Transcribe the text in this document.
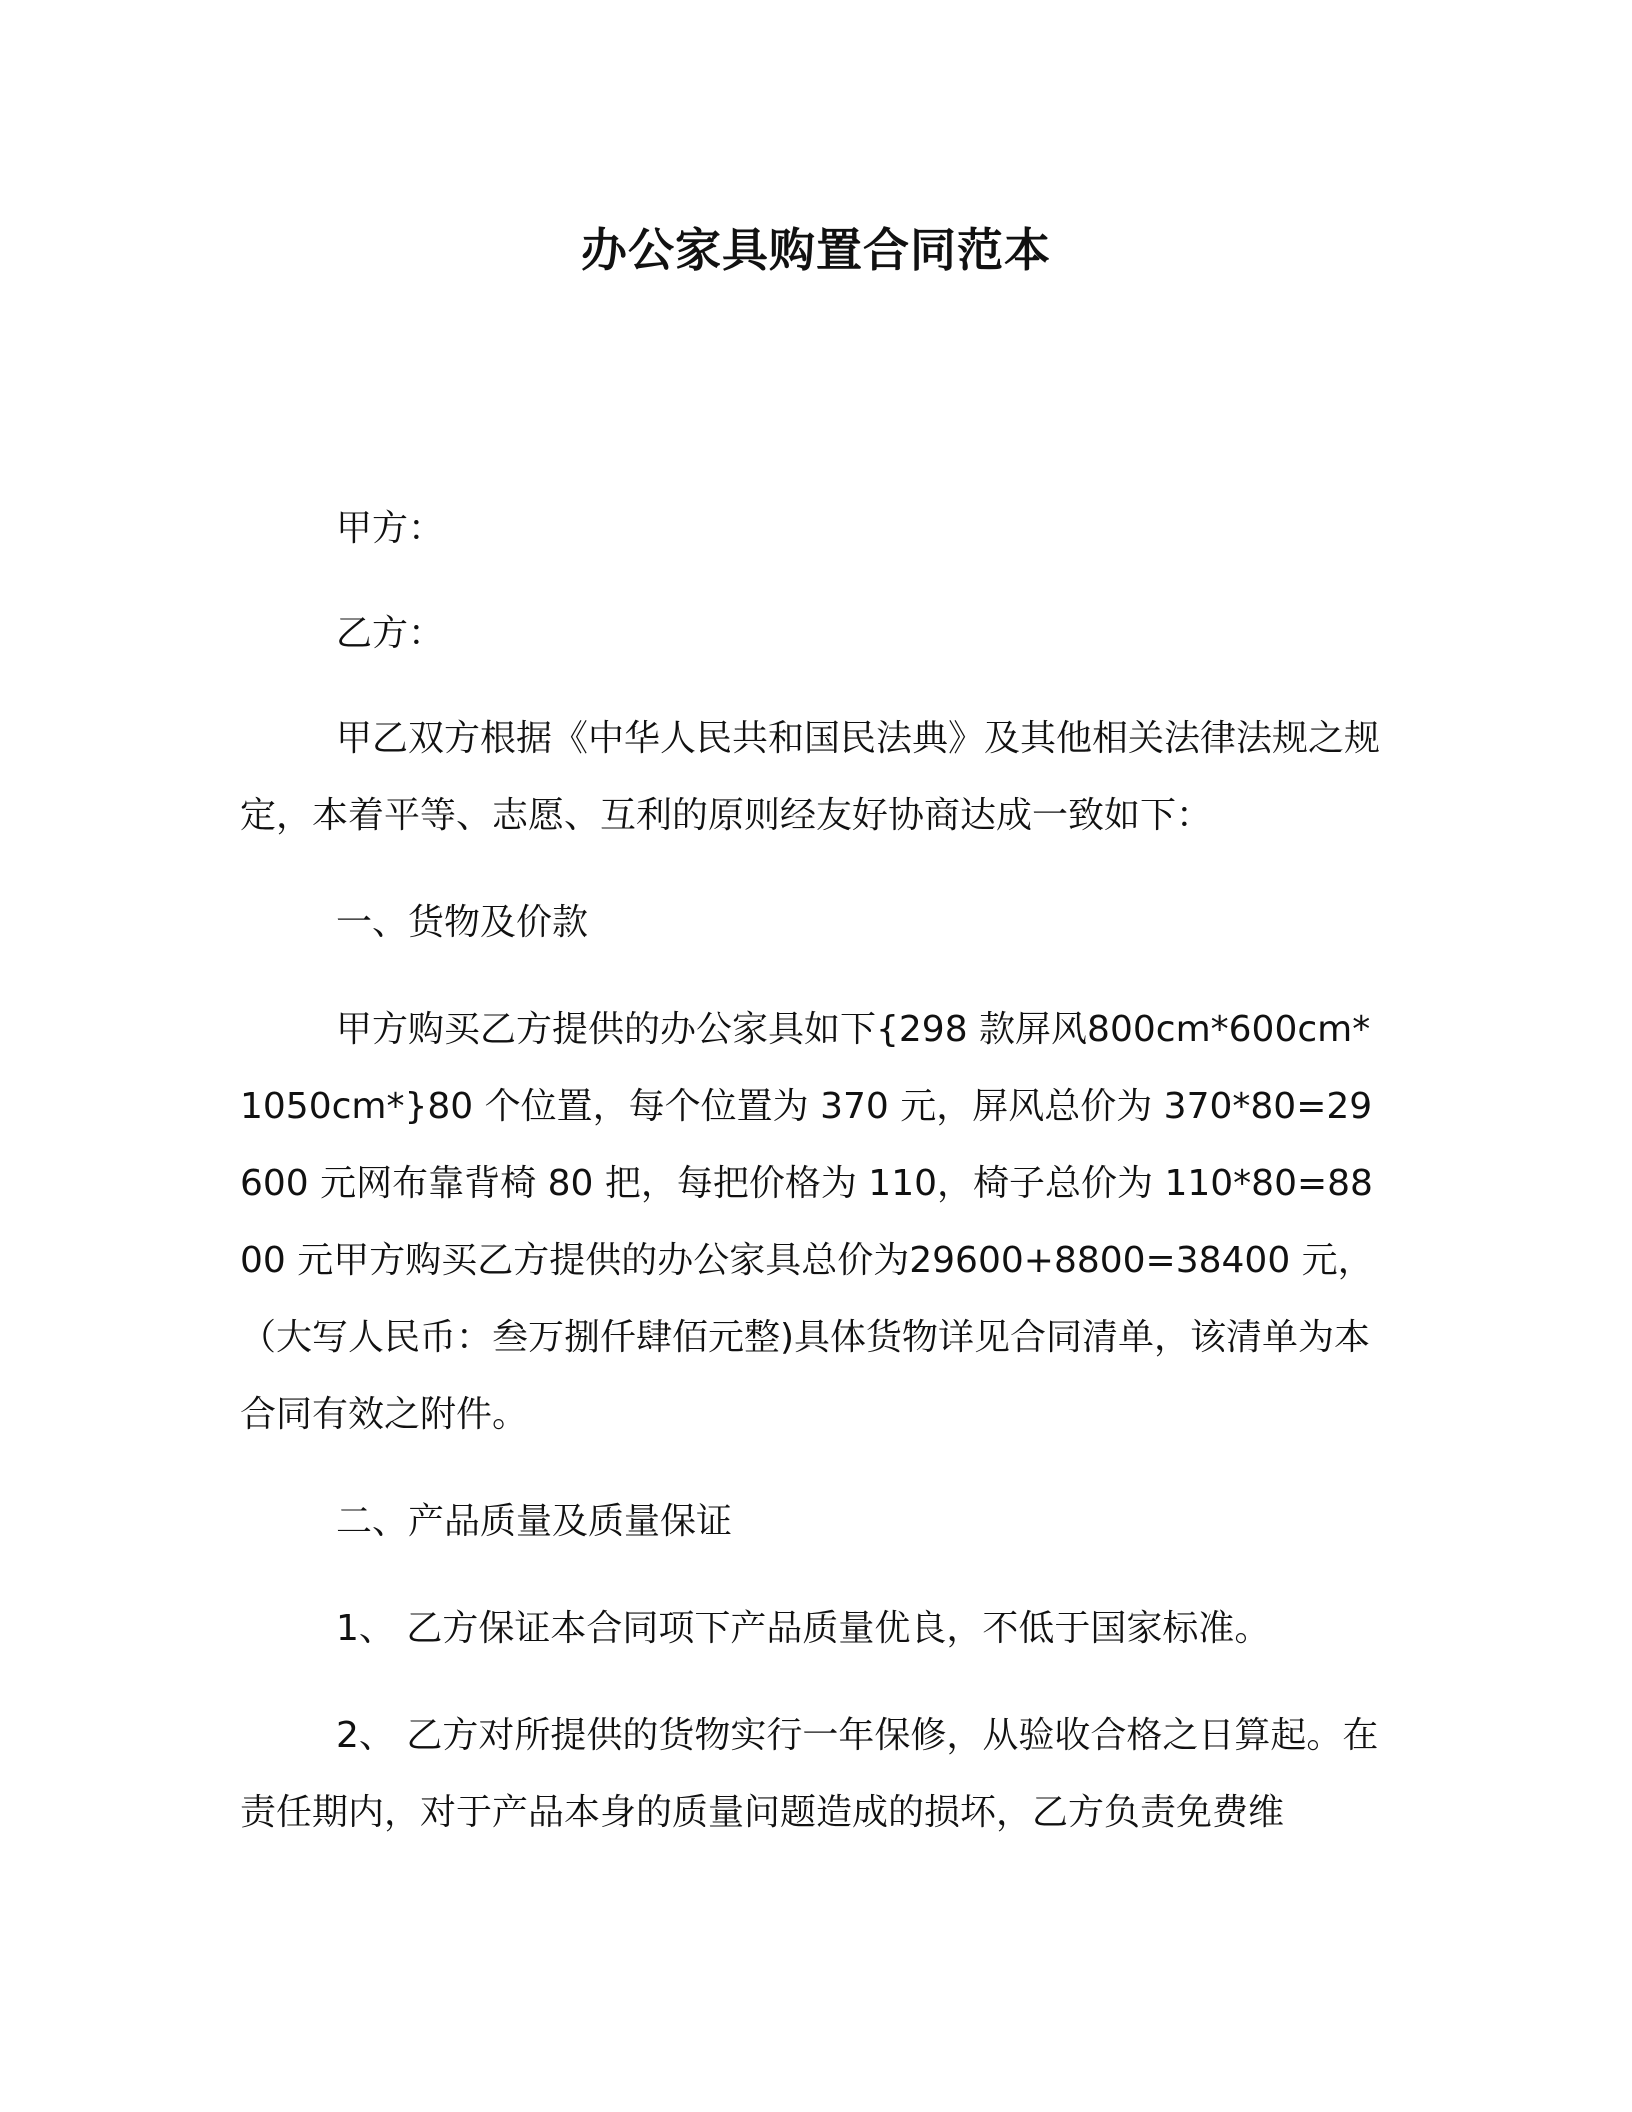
办公家具购置合同范本

甲方：

乙方：

甲乙双方根据《中华人民共和国民法典》及其他相关法律法规之规定，本着平等、志愿、互利的原则经友好协商达成一致如下：

一、货物及价款

甲方购买乙方提供的办公家具如下{298 款屏风800cm*600cm*1050cm*}80 个位置，每个位置为 370 元，屏风总价为 370*80=29600 元网布靠背椅 80 把，每把价格为 110，椅子总价为 110*80=8800 元甲方购买乙方提供的办公家具总价为29600+8800=38400 元，（大写人民币：叁万捌仟肆佰元整)具体货物详见合同清单，该清单为本合同有效之附件。

二、产品质量及质量保证

1、 乙方保证本合同项下产品质量优良，不低于国家标准。

2、 乙方对所提供的货物实行一年保修，从验收合格之日算起。在责任期内，对于产品本身的质量问题造成的损坏，乙方负责免费维
